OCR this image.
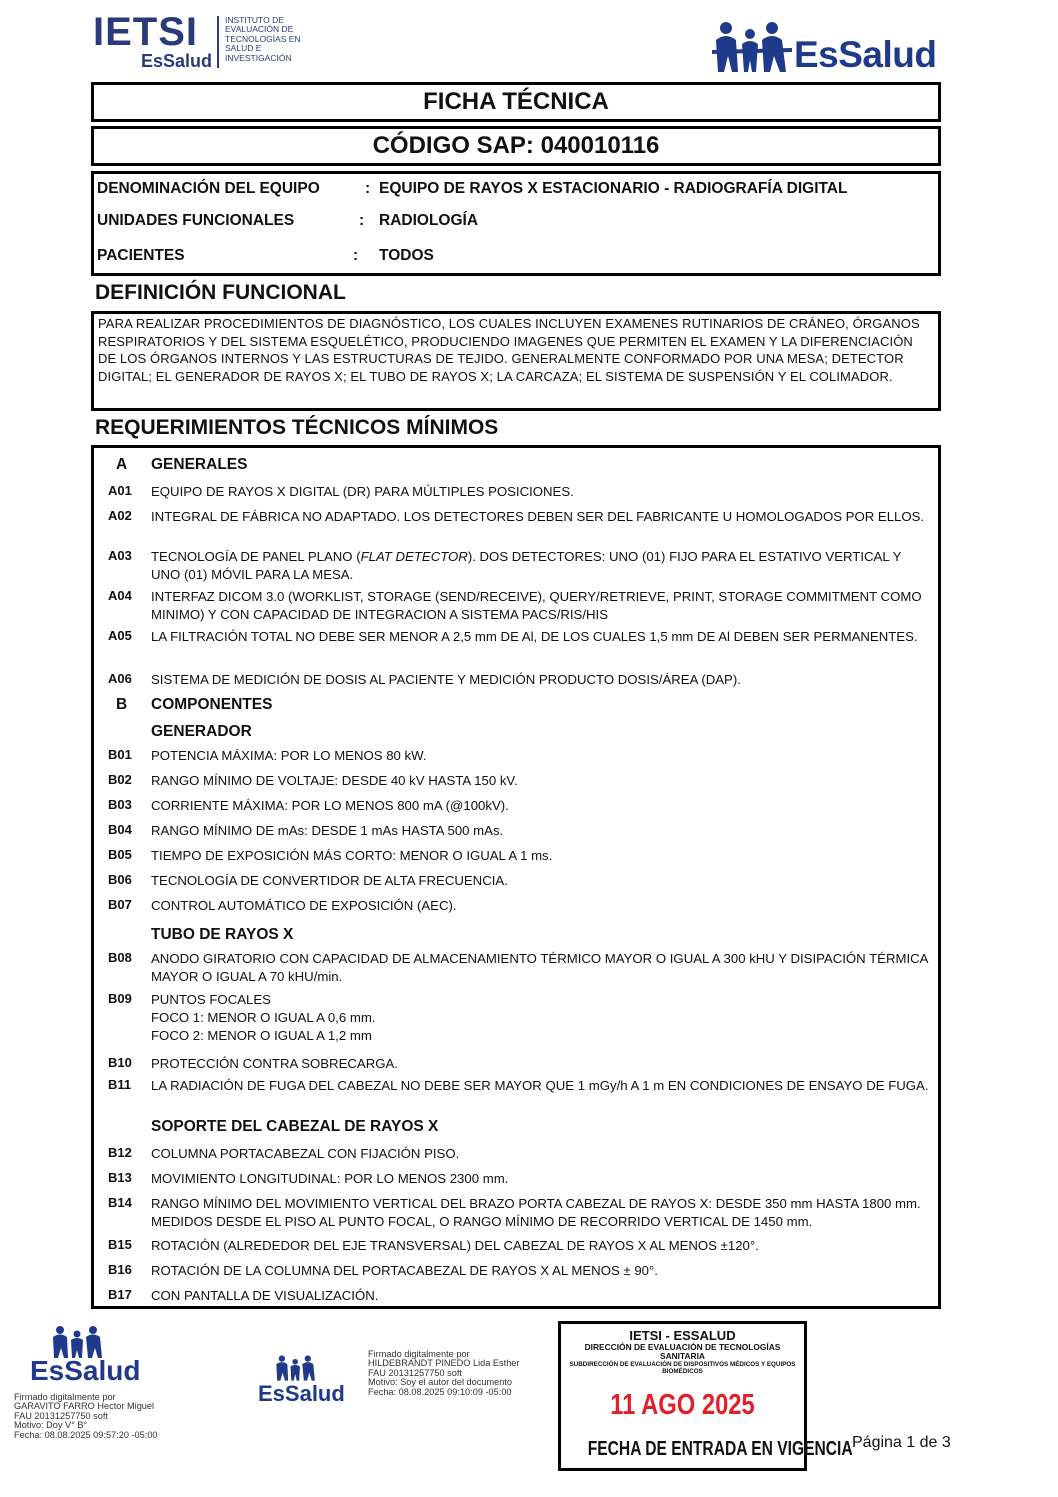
IETSI
EsSalud
INSTITUTO DE EVALUACIÓN DE TECNOLOGÍAS EN SALUD E INVESTIGACIÓN	EsSalud
FICHA TÉCNICA
CÓDIGO SAP: 040010116
DENOMINACIÓN DEL EQUIPO	: EQUIPO DE RAYOS X ESTACIONARIO - RADIOGRAFÍA DIGITAL
UNIDADES FUNCIONALES	: RADIOLOGÍA
PACIENTES	: TODOS
DEFINICIÓN FUNCIONAL
PARA REALIZAR PROCEDIMIENTOS DE DIAGNÓSTICO, LOS CUALES INCLUYEN EXAMENES RUTINARIOS DE CRÁNEO, ÓRGANOS RESPIRATORIOS Y DEL SISTEMA ESQUELÉTICO, PRODUCIENDO IMAGENES QUE PERMITEN EL EXAMEN Y LA DIFERENCIACIÓN DE LOS ÓRGANOS INTERNOS Y LAS ESTRUCTURAS DE TEJIDO. GENERALMENTE CONFORMADO POR UNA MESA; DETECTOR DIGITAL; EL GENERADOR DE RAYOS X; EL TUBO DE RAYOS X; LA CARCAZA; EL SISTEMA DE SUSPENSIÓN Y EL COLIMADOR.
REQUERIMIENTOS TÉCNICOS MÍNIMOS
A GENERALES
A01	EQUIPO DE RAYOS X DIGITAL (DR) PARA MÚLTIPLES POSICIONES.
A02	INTEGRAL DE FÁBRICA NO ADAPTADO. LOS DETECTORES DEBEN SER DEL FABRICANTE U HOMOLOGADOS POR ELLOS.
A03	TECNOLOGÍA DE PANEL PLANO (FLAT DETECTOR). DOS DETECTORES: UNO (01) FIJO PARA EL ESTATIVO VERTICAL Y UNO (01) MÓVIL PARA LA MESA.
A04	INTERFAZ DICOM 3.0 (WORKLIST, STORAGE (SEND/RECEIVE), QUERY/RETRIEVE, PRINT, STORAGE COMMITMENT COMO MINIMO) Y CON CAPACIDAD DE INTEGRACION A SISTEMA PACS/RIS/HIS
A05	LA FILTRACIÓN TOTAL NO DEBE SER MENOR A 2,5 mm DE Al, DE LOS CUALES 1,5 mm DE Al DEBEN SER PERMANENTES.
A06	SISTEMA DE MEDICIÓN DE DOSIS AL PACIENTE Y MEDICIÓN PRODUCTO DOSIS/ÁREA (DAP).
B COMPONENTES
GENERADOR
B01	POTENCIA MÁXIMA: POR LO MENOS 80 kW.
B02	RANGO MÍNIMO DE VOLTAJE: DESDE 40 kV HASTA 150 kV.
B03	CORRIENTE MÁXIMA: POR LO MENOS 800 mA (@100kV).
B04	RANGO MÍNIMO DE mAs: DESDE 1 mAs HASTA 500 mAs.
B05	TIEMPO DE EXPOSICIÓN MÁS CORTO: MENOR O IGUAL A 1 ms.
B06	TECNOLOGÍA DE CONVERTIDOR DE ALTA FRECUENCIA.
B07	CONTROL AUTOMÁTICO DE EXPOSICIÓN (AEC).
TUBO DE RAYOS X
B08	ANODO GIRATORIO CON CAPACIDAD DE ALMACENAMIENTO TÉRMICO MAYOR O IGUAL A 300 kHU Y DISIPACIÓN TÉRMICA MAYOR O IGUAL A 70 kHU/min.
B09	PUNTOS FOCALES
FOCO 1: MENOR O IGUAL A 0,6 mm.
FOCO 2: MENOR O IGUAL A 1,2 mm
B10	PROTECCIÓN CONTRA SOBRECARGA.
B11	LA RADIACIÓN DE FUGA DEL CABEZAL NO DEBE SER MAYOR QUE 1 mGy/h A 1 m EN CONDICIONES DE ENSAYO DE FUGA.
SOPORTE DEL CABEZAL DE RAYOS X
B12	COLUMNA PORTACABEZAL CON FIJACIÓN PISO.
B13	MOVIMIENTO LONGITUDINAL: POR LO MENOS 2300 mm.
B14	RANGO MÍNIMO DEL MOVIMIENTO VERTICAL DEL BRAZO PORTA CABEZAL DE RAYOS X: DESDE 350 mm HASTA 1800 mm. MEDIDOS DESDE EL PISO AL PUNTO FOCAL, O RANGO MÍNIMO DE RECORRIDO VERTICAL DE 1450 mm.
B15	ROTACIÓN (ALREDEDOR DEL EJE TRANSVERSAL) DEL CABEZAL DE RAYOS X AL MENOS ±120°.
B16	ROTACIÓN DE LA COLUMNA DEL PORTACABEZAL DE RAYOS X AL MENOS ± 90°.
B17	CON PANTALLA DE VISUALIZACIÓN.
EsSalud
Firmado digitalmente por
GARAVITO FARRO Hector Miguel
FAU 20131257750 soft
Motivo: Doy V° B°
Fecha: 08.08.2025 09:57:20 -05:00
EsSalud
Firmado digitalmente por
HILDEBRANDT PINEDO Lida Esther
FAU 20131257750 soft
Motivo: Soy el autor del documento
Fecha: 08.08.2025 09:10:09 -05:00
IETSI - ESSALUD
DIRECCIÓN DE EVALUACIÓN DE TECNOLOGÍAS SANITARIA
SUBDIRECCIÓN DE EVALUACIÓN DE DISPOSITIVOS MÉDICOS Y EQUIPOS BIOMÉDICOS
11 AGO 2025
FECHA DE ENTRADA EN VIGENCIA Página 1 de 3
